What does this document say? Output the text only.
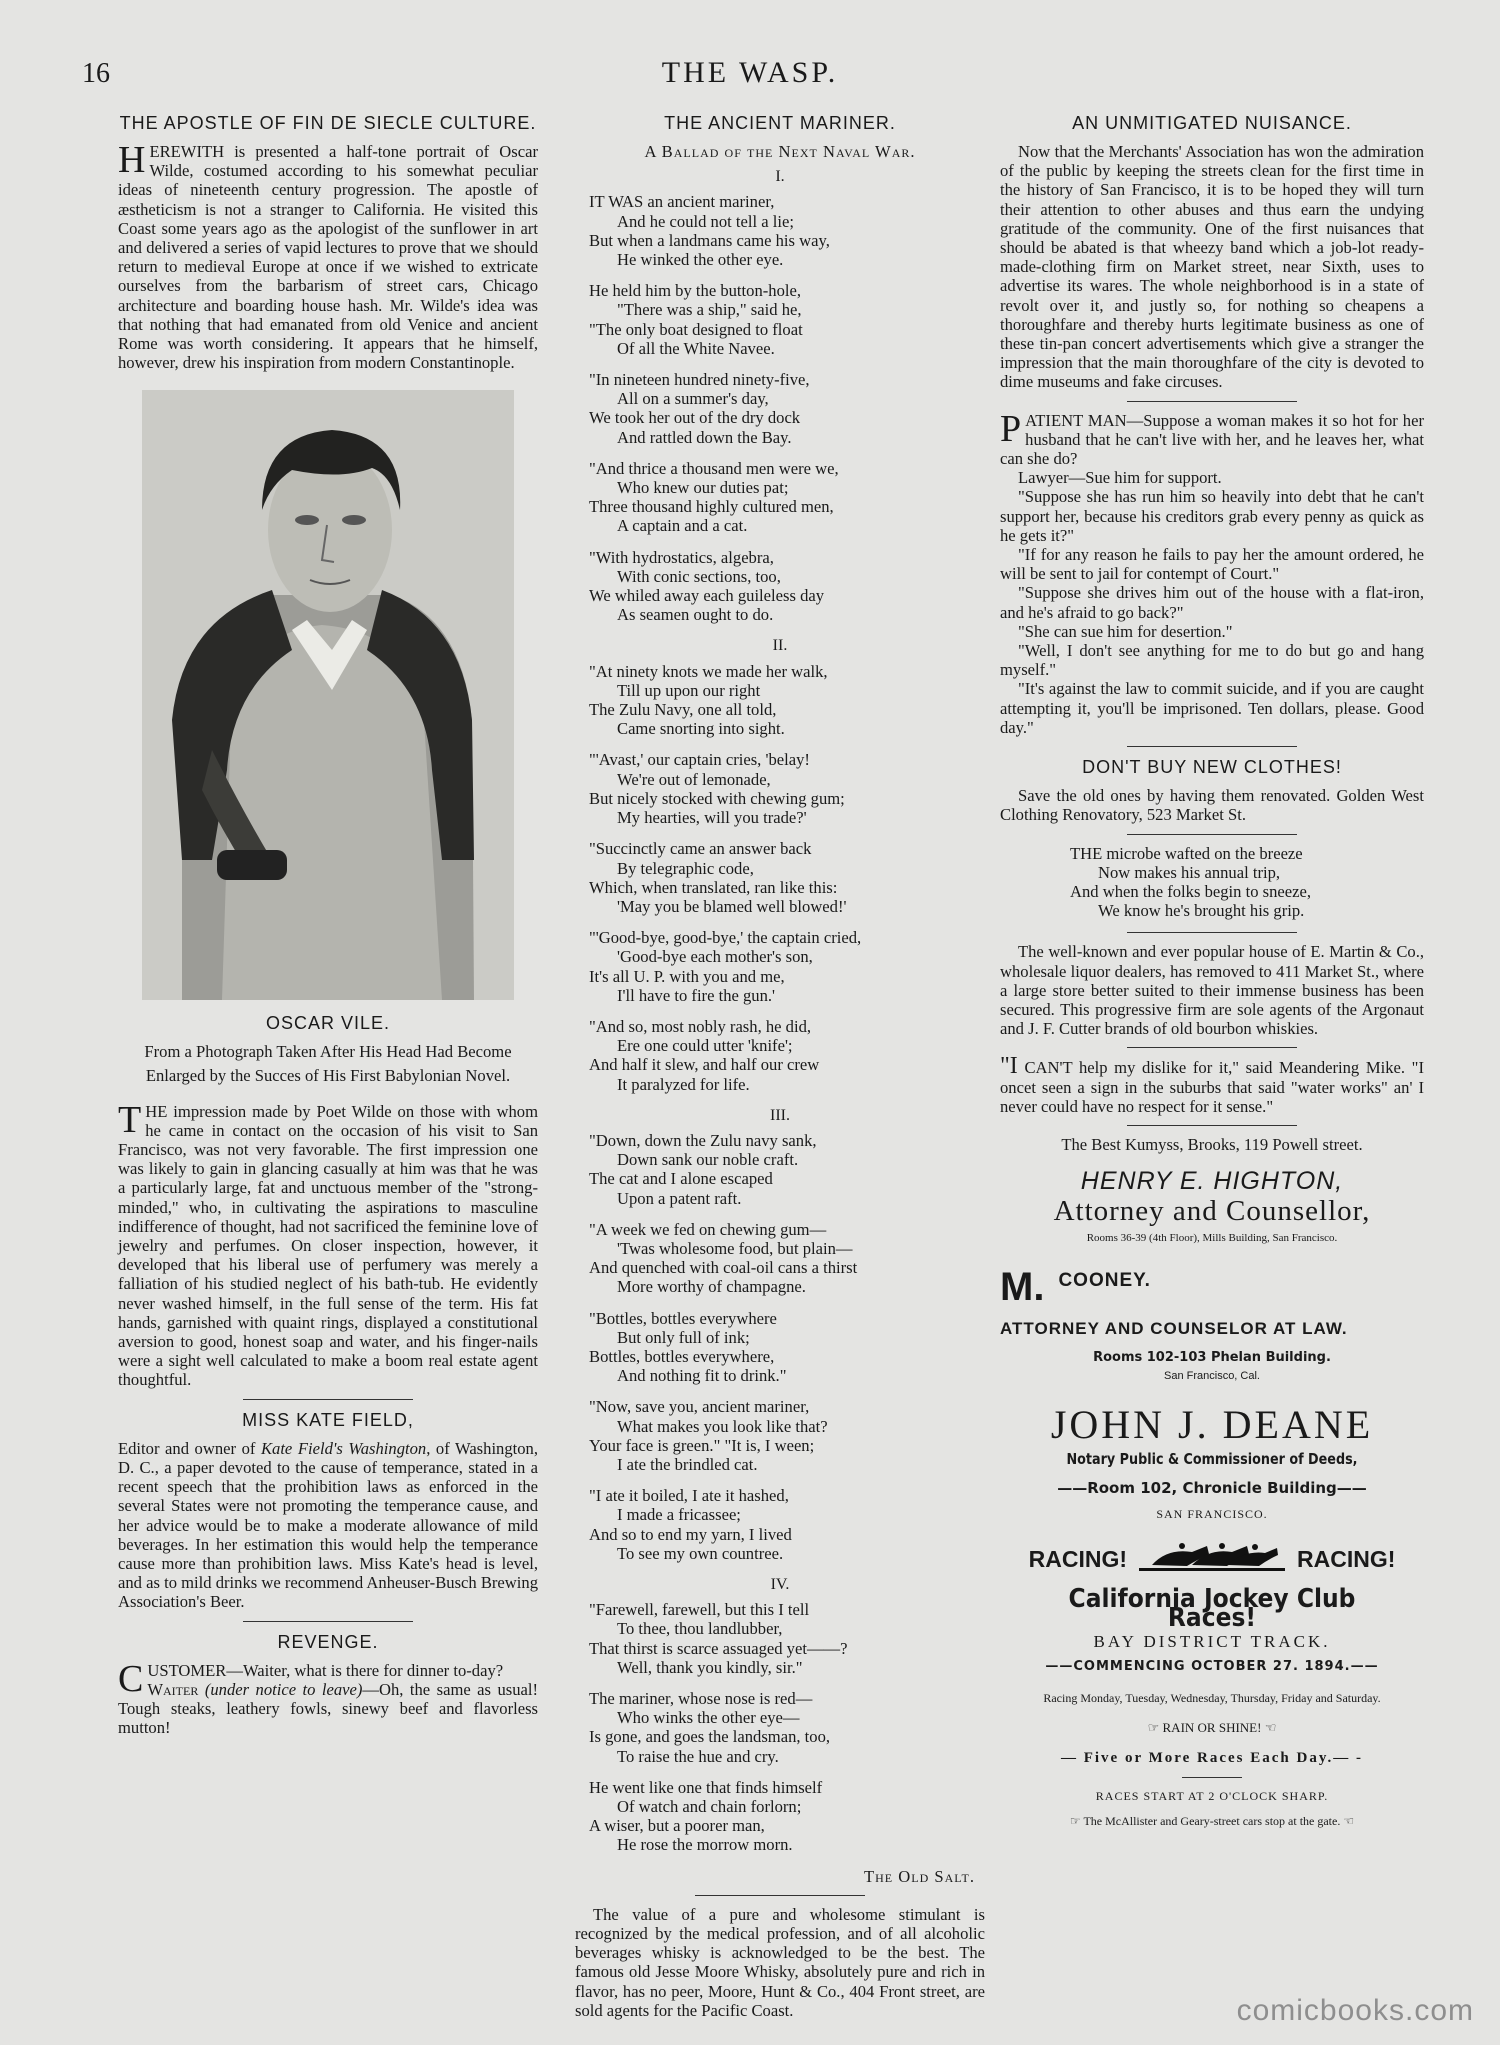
16	THE WASP.
THE APOSTLE OF FIN DE SIECLE CULTURE.

HEREWITH is presented a half-tone portrait of Oscar Wilde, costumed according to his somewhat peculiar ideas of nineteenth century progression. The apostle of æstheticism is not a stranger to California. He visited this Coast some years ago as the apologist of the sunflower in art and delivered a series of vapid lectures to prove that we should return to medieval Europe at once if we wished to extricate ourselves from the barbarism of street cars, Chicago architecture and boarding house hash. Mr. Wilde's idea was that nothing that had emanated from old Venice and ancient Rome was worth considering. It appears that he himself, however, drew his inspiration from modern Constantinople.

OSCAR VILE.
From a Photograph Taken After His Head Had Become Enlarged by the Succes of His First Babylonian Novel.

THE impression made by Poet Wilde on those with whom he came in contact on the occasion of his visit to San Francisco, was not very favorable. The first impression one was likely to gain in glancing casually at him was that he was a particularly large, fat and unctuous member of the "strong-minded," who, in cultivating the aspirations to masculine indifference of thought, had not sacrificed the feminine love of jewelry and perfumes. On closer inspection, however, it developed that his liberal use of perfumery was merely a falliation of his studied neglect of his bath-tub. He evidently never washed himself, in the full sense of the term. His fat hands, garnished with quaint rings, displayed a constitutional aversion to good, honest soap and water, and his finger-nails were a sight well calculated to make a boom real estate agent thoughtful.

MISS KATE FIELD,

Editor and owner of Kate Field's Washington, of Washington, D. C., a paper devoted to the cause of temperance, stated in a recent speech that the prohibition laws as enforced in the several States were not promoting the temperance cause, and her advice would be to make a moderate allowance of mild beverages. In her estimation this would help the temperance cause more than prohibition laws. Miss Kate's head is level, and as to mild drinks we recommend Anheuser-Busch Brewing Association's Beer.

REVENGE.

CUSTOMER—Waiter, what is there for dinner to-day?
Waiter (under notice to leave)—Oh, the same as usual! Tough steaks, leathery fowls, sinewy beef and flavorless mutton!

THE ANCIENT MARINER.
A Ballad of the Next Naval War.
I.
IT WAS an ancient mariner,
And he could not tell a lie;
But when a landmans came his way,
He winked the other eye.
He held him by the button-hole,
"There was a ship," said he,
"The only boat designed to float
Of all the White Navee.
"In nineteen hundred ninety-five,
All on a summer's day,
We took her out of the dry dock
And rattled down the Bay.
"And thrice a thousand men were we,
Who knew our duties pat;
Three thousand highly cultured men,
A captain and a cat.
"With hydrostatics, algebra,
With conic sections, too,
We whiled away each guileless day
As seamen ought to do.
II.
"At ninety knots we made her walk,
Till up upon our right
The Zulu Navy, one all told,
Came snorting into sight.
"'Avast,' our captain cries, 'belay!
We're out of lemonade,
But nicely stocked with chewing gum;
My hearties, will you trade?'
"Succinctly came an answer back
By telegraphic code,
Which, when translated, ran like this:
'May you be blamed well blowed!'
"'Good-bye, good-bye,' the captain cried,
'Good-bye each mother's son,
It's all U. P. with you and me,
I'll have to fire the gun.'
"And so, most nobly rash, he did,
Ere one could utter 'knife';
And half it slew, and half our crew
It paralyzed for life.
III.
"Down, down the Zulu navy sank,
Down sank our noble craft.
The cat and I alone escaped
Upon a patent raft.
"A week we fed on chewing gum—
'Twas wholesome food, but plain—
And quenched with coal-oil cans a thirst
More worthy of champagne.
"Bottles, bottles everywhere
But only full of ink;
Bottles, bottles everywhere,
And nothing fit to drink."
"Now, save you, ancient mariner,
What makes you look like that?
Your face is green." "It is, I ween;
I ate the brindled cat.
"I ate it boiled, I ate it hashed,
I made a fricassee;
And so to end my yarn, I lived
To see my own countree.
IV.
"Farewell, farewell, but this I tell
To thee, thou landlubber,
That thirst is scarce assuaged yet——?
Well, thank you kindly, sir."
The mariner, whose nose is red—
Who winks the other eye—
Is gone, and goes the landsman, too,
To raise the hue and cry.
He went like one that finds himself
Of watch and chain forlorn;
A wiser, but a poorer man,
He rose the morrow morn.
The Old Salt.

The value of a pure and wholesome stimulant is recognized by the medical profession, and of all alcoholic beverages whisky is acknowledged to be the best. The famous old Jesse Moore Whisky, absolutely pure and rich in flavor, has no peer, Moore, Hunt & Co., 404 Front street, are sold agents for the Pacific Coast.

AN UNMITIGATED NUISANCE.

Now that the Merchants' Association has won the admiration of the public by keeping the streets clean for the first time in the history of San Francisco, it is to be hoped they will turn their attention to other abuses and thus earn the undying gratitude of the community. One of the first nuisances that should be abated is that wheezy band which a job-lot ready-made-clothing firm on Market street, near Sixth, uses to advertise its wares. The whole neighborhood is in a state of revolt over it, and justly so, for nothing so cheapens a thoroughfare and thereby hurts legitimate business as one of these tin-pan concert advertisements which give a stranger the impression that the main thoroughfare of the city is devoted to dime museums and fake circuses.

PATIENT MAN—Suppose a woman makes it so hot for her husband that he can't live with her, and he leaves her, what can she do?

Lawyer—Sue him for support.

"Suppose she has run him so heavily into debt that he can't support her, because his creditors grab every penny as quick as he gets it?"

"If for any reason he fails to pay her the amount ordered, he will be sent to jail for contempt of Court."

"Suppose she drives him out of the house with a flat-iron, and he's afraid to go back?"

"She can sue him for desertion."

"Well, I don't see anything for me to do but go and hang myself."

"It's against the law to commit suicide, and if you are caught attempting it, you'll be imprisoned. Ten dollars, please. Good day."

DON'T BUY NEW CLOTHES!

Save the old ones by having them renovated. Golden West Clothing Renovatory, 523 Market St.

THE microbe wafted on the breeze
Now makes his annual trip,
And when the folks begin to sneeze,
We know he's brought his grip.

The well-known and ever popular house of E. Martin & Co., wholesale liquor dealers, has removed to 411 Market St., where a large store better suited to their immense business has been secured. This progressive firm are sole agents of the Argonaut and J. F. Cutter brands of old bourbon whiskies.

"I CAN'T help my dislike for it," said Meandering Mike. "I oncet seen a sign in the suburbs that said "water works" an' I never could have no respect for it sense."

The Best Kumyss, Brooks, 119 Powell street.
HENRY E. HIGHTON,
Attorney and Counsellor,
Rooms 36-39 (4th Floor), Mills Building, San Francisco.
M. COONEY.
ATTORNEY AND COUNSELOR AT LAW.
Rooms 102-103 Phelan Building.
San Francisco, Cal.
JOHN J. DEANE
Notary Public & Commissioner of Deeds,
——Room 102, Chronicle Building——
SAN FRANCISCO.
RACING!	RACING!
California Jockey Club Races!
BAY DISTRICT TRACK.
——COMMENCING OCTOBER 27. 1894.——
Racing Monday, Tuesday, Wednesday, Thursday, Friday and Saturday.
☞ RAIN OR SHINE! ☜
— Five or More Races Each Day.— -
RACES START AT 2 O'CLOCK SHARP.
☞ The McAllister and Geary-street cars stop at the gate. ☜
comicbooks.com
